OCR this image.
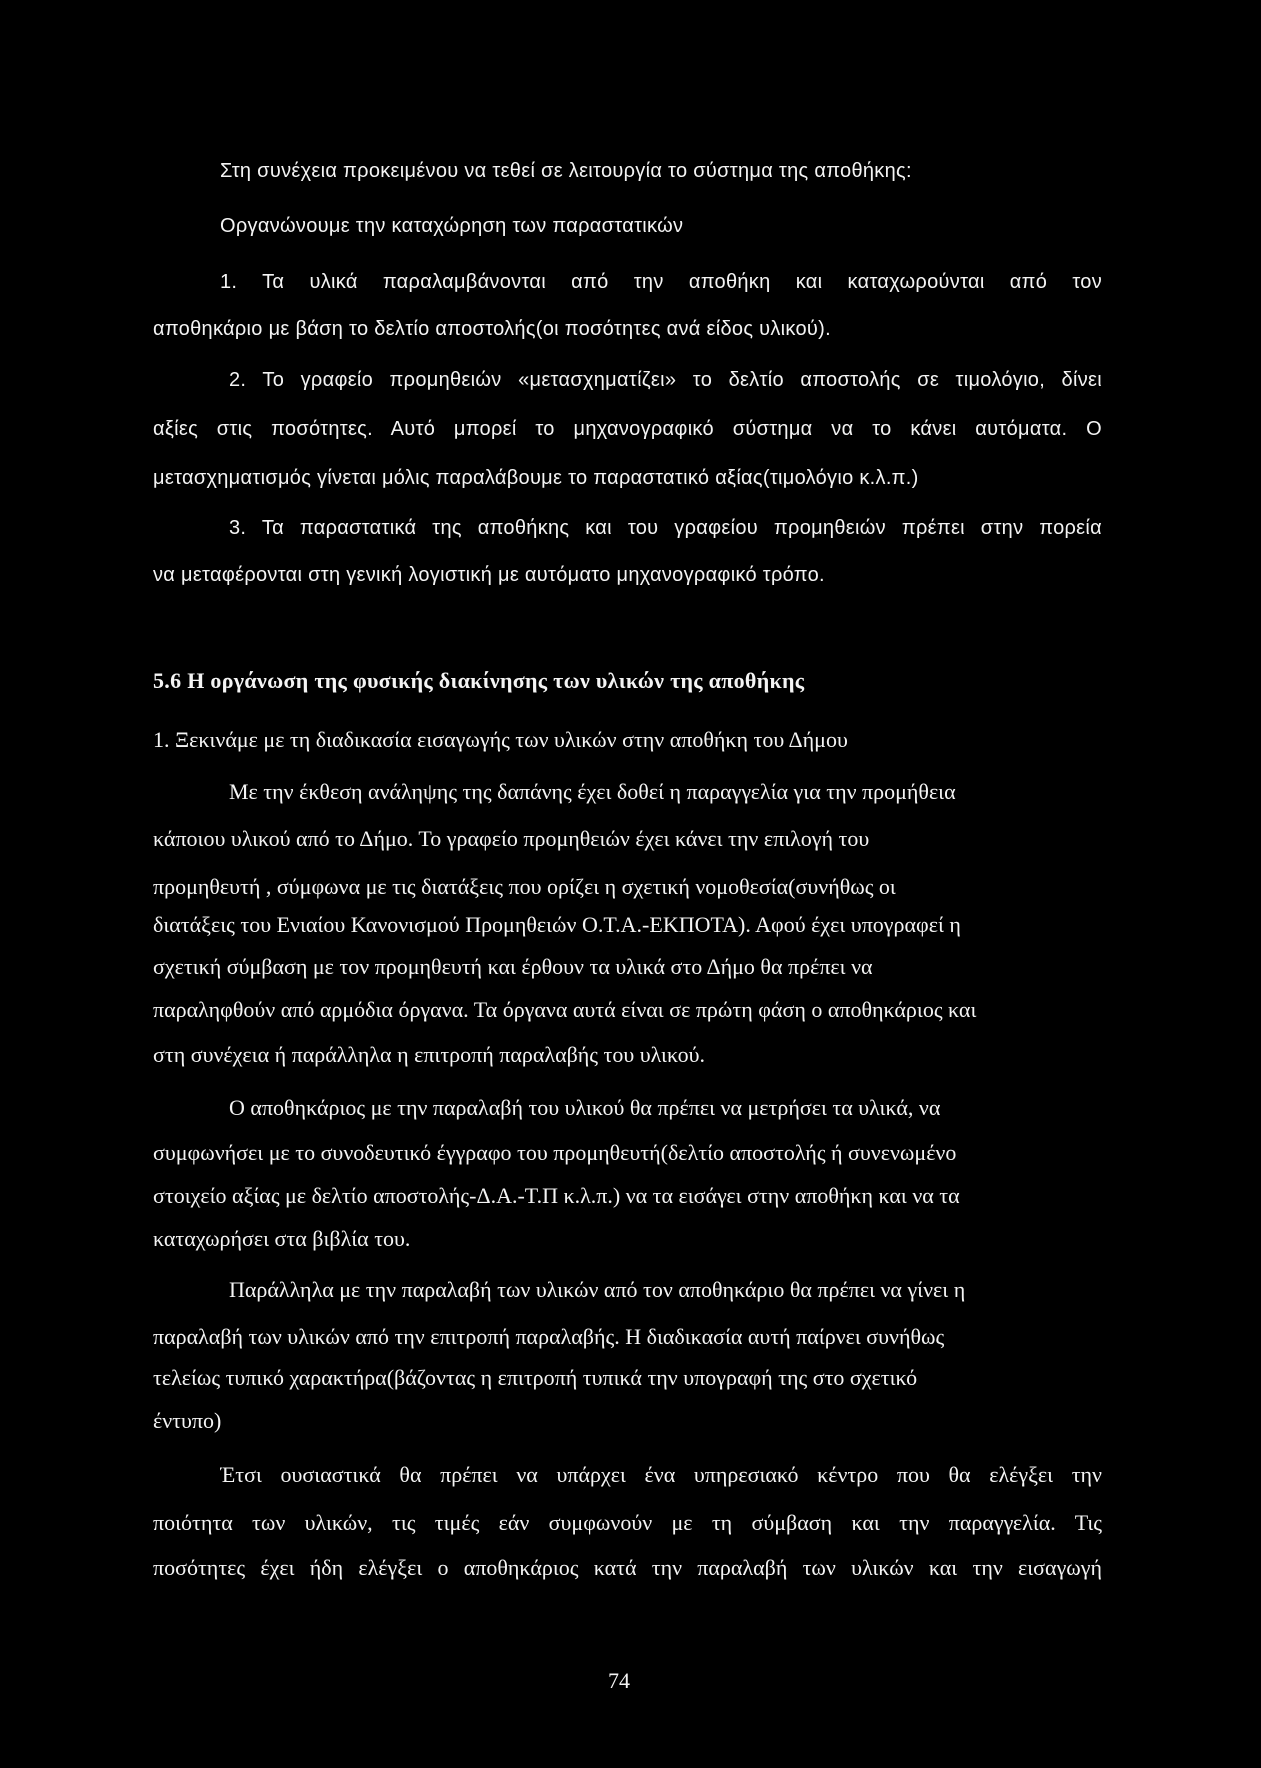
Στη συνέχεια προκειμένου να τεθεί σε λειτουργία το σύστημα της αποθήκης:
Οργανώνουμε την καταχώρηση των παραστατικών
1. Τα υλικά παραλαμβάνονται από την αποθήκη και καταχωρούνται από τον
αποθηκάριο με βάση το δελτίο αποστολής(οι ποσότητες ανά είδος υλικού).
2. Το γραφείο προμηθειών «μετασχηματίζει» το δελτίο αποστολής σε τιμολόγιο, δίνει
αξίες στις ποσότητες. Αυτό μπορεί το μηχανογραφικό σύστημα να το κάνει αυτόματα. Ο
μετασχηματισμός γίνεται μόλις παραλάβουμε το παραστατικό αξίας(τιμολόγιο κ.λ.π.)
3. Τα παραστατικά της αποθήκης και του γραφείου προμηθειών πρέπει στην πορεία
να μεταφέρονται στη γενική λογιστική με αυτόματο μηχανογραφικό τρόπο.
5.6 Η οργάνωση της φυσικής διακίνησης των υλικών της αποθήκης
1. Ξεκινάμε με τη διαδικασία εισαγωγής των υλικών στην αποθήκη του Δήμου
Με την έκθεση ανάληψης της δαπάνης έχει δοθεί η παραγγελία για την προμήθεια
κάποιου υλικού από το Δήμο. Το γραφείο προμηθειών έχει κάνει την επιλογή του
προμηθευτή , σύμφωνα με τις διατάξεις που ορίζει η σχετική νομοθεσία(συνήθως οι
διατάξεις του Ενιαίου Κανονισμού Προμηθειών Ο.Τ.Α.-ΕΚΠΟΤΑ). Αφού έχει υπογραφεί η
σχετική σύμβαση με τον προμηθευτή και έρθουν τα υλικά στο Δήμο θα πρέπει να
παραληφθούν από αρμόδια όργανα. Τα όργανα αυτά είναι σε πρώτη φάση ο αποθηκάριος και
στη συνέχεια ή παράλληλα η επιτροπή παραλαβής του υλικού.
Ο αποθηκάριος με την παραλαβή του υλικού θα πρέπει να μετρήσει τα υλικά, να
συμφωνήσει με το συνοδευτικό έγγραφο του προμηθευτή(δελτίο αποστολής ή συνενωμένο
στοιχείο αξίας με δελτίο αποστολής-Δ.Α.-Τ.Π κ.λ.π.) να τα εισάγει στην αποθήκη και να τα
καταχωρήσει στα βιβλία του.
Παράλληλα με την παραλαβή των υλικών από τον αποθηκάριο θα πρέπει να γίνει η
παραλαβή των υλικών από την επιτροπή παραλαβής. Η διαδικασία αυτή παίρνει συνήθως
τελείως τυπικό χαρακτήρα(βάζοντας η επιτροπή τυπικά την υπογραφή της στο σχετικό
έντυπο)
Έτσι ουσιαστικά θα πρέπει να υπάρχει ένα υπηρεσιακό κέντρο που θα ελέγξει την
ποιότητα των υλικών, τις τιμές εάν συμφωνούν με τη σύμβαση και την παραγγελία. Τις
ποσότητες έχει ήδη ελέγξει ο αποθηκάριος κατά την παραλαβή των υλικών και την εισαγωγή
74
